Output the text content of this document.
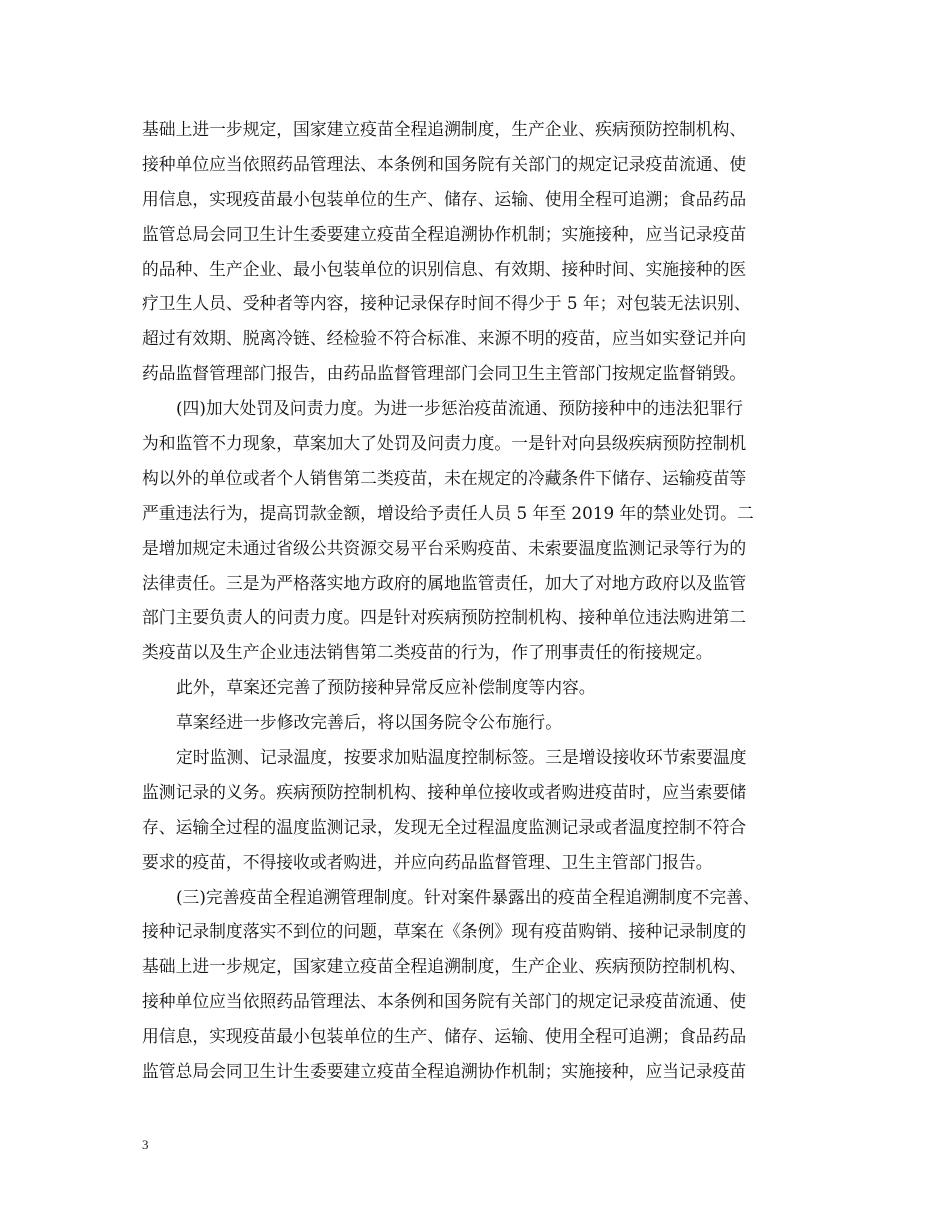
基础上进一步规定，国家建立疫苗全程追溯制度，生产企业、疾病预防控制机构、
接种单位应当依照药品管理法、本条例和国务院有关部门的规定记录疫苗流通、使
用信息，实现疫苗最小包装单位的生产、储存、运输、使用全程可追溯；食品药品
监管总局会同卫生计生委要建立疫苗全程追溯协作机制；实施接种，应当记录疫苗
的品种、生产企业、最小包装单位的识别信息、有效期、接种时间、实施接种的医
疗卫生人员、受种者等内容，接种记录保存时间不得少于 5 年；对包装无法识别、
超过有效期、脱离冷链、经检验不符合标准、来源不明的疫苗，应当如实登记并向
药品监督管理部门报告，由药品监督管理部门会同卫生主管部门按规定监督销毁。
(四)加大处罚及问责力度。为进一步惩治疫苗流通、预防接种中的违法犯罪行
为和监管不力现象，草案加大了处罚及问责力度。一是针对向县级疾病预防控制机
构以外的单位或者个人销售第二类疫苗，未在规定的冷藏条件下储存、运输疫苗等
严重违法行为，提高罚款金额，增设给予责任人员 5 年至 2019 年的禁业处罚。二
是增加规定未通过省级公共资源交易平台采购疫苗、未索要温度监测记录等行为的
法律责任。三是为严格落实地方政府的属地监管责任，加大了对地方政府以及监管
部门主要负责人的问责力度。四是针对疾病预防控制机构、接种单位违法购进第二
类疫苗以及生产企业违法销售第二类疫苗的行为，作了刑事责任的衔接规定。
此外，草案还完善了预防接种异常反应补偿制度等内容。
草案经进一步修改完善后，将以国务院令公布施行。
定时监测、记录温度，按要求加贴温度控制标签。三是增设接收环节索要温度
监测记录的义务。疾病预防控制机构、接种单位接收或者购进疫苗时，应当索要储
存、运输全过程的温度监测记录，发现无全过程温度监测记录或者温度控制不符合
要求的疫苗，不得接收或者购进，并应向药品监督管理、卫生主管部门报告。
(三)完善疫苗全程追溯管理制度。针对案件暴露出的疫苗全程追溯制度不完善、
接种记录制度落实不到位的问题，草案在《条例》现有疫苗购销、接种记录制度的
基础上进一步规定，国家建立疫苗全程追溯制度，生产企业、疾病预防控制机构、
接种单位应当依照药品管理法、本条例和国务院有关部门的规定记录疫苗流通、使
用信息，实现疫苗最小包装单位的生产、储存、运输、使用全程可追溯；食品药品
监管总局会同卫生计生委要建立疫苗全程追溯协作机制；实施接种，应当记录疫苗
3
